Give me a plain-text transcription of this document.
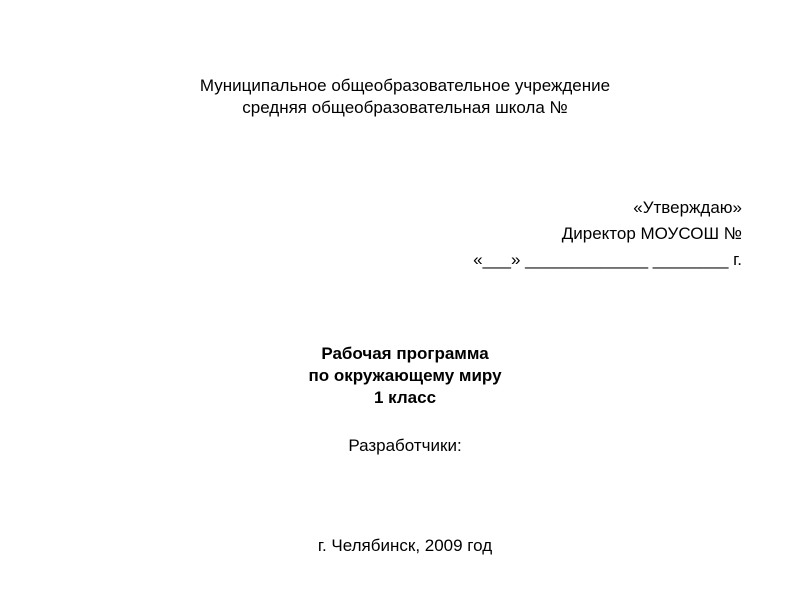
Муниципальное общеобразовательное учреждение
средняя общеобразовательная школа №
«Утверждаю»
Директор МОУСОШ №
«___» _____________ ________ г.
Рабочая программа
по окружающему миру
1 класс
Разработчики:
г. Челябинск, 2009 год
